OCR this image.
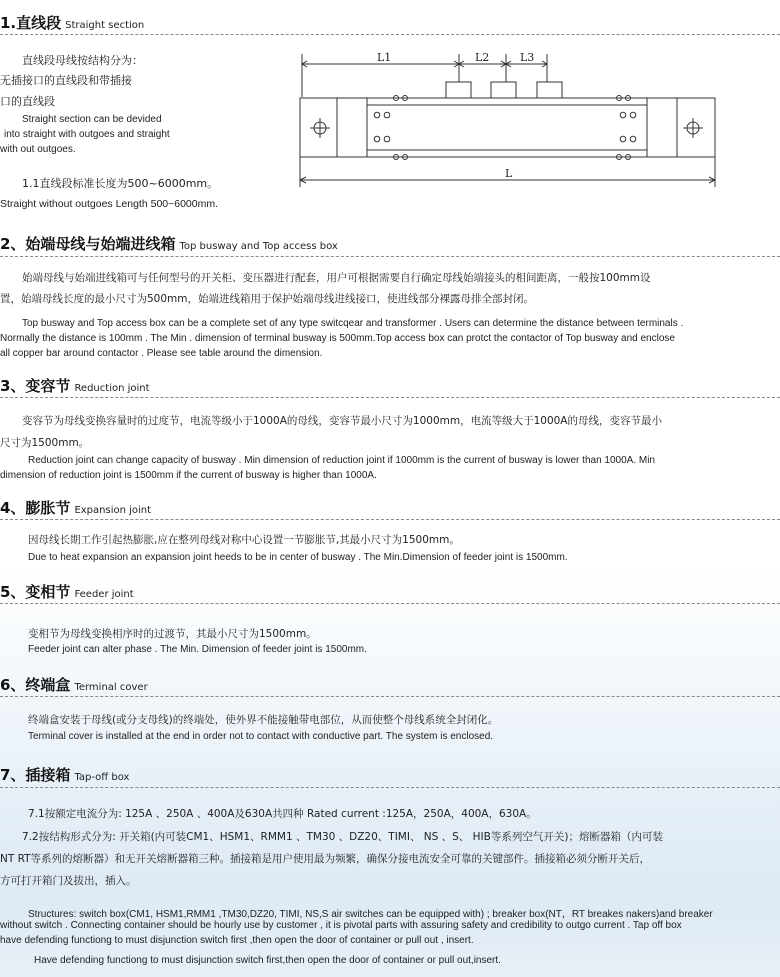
1.直线段 Straight section
直线段母线按结构分为：
无插接口的直线段和带插接
口的直线段
Straight section can be devided
into straight with outgoes and straight
with out outgoes.
1.1直线段标准长度为500~6000mm。
Straight without outgoes Length 500~6000mm.
L1	L2	L3
L
2、始端母线与始端进线箱 Top busway and Top access box
始端母线与始端进线箱可与任何型号的开关柜、变压器进行配套，用户可根据需要自行确定母线始端接头的相间距离，一般按100mm设
置，始端母线长度的最小尺寸为500mm，始端进线箱用于保护始端母线进线接口，使进线部分裸露母排全部封闭。
Top busway and Top access box can be a complete set of any type switcqear and transformer . Users can determine the distance between terminals .
Normally the distance is 100mm . The Min . dimension of terminal busway is 500mm.Top access box can protct the contactor of Top busway and enclose
all copper bar around contactor . Please see table around the dimension.
3、变容节 Reduction joint
变容节为母线变换容量时的过度节，电流等级小于1000A的母线，变容节最小尺寸为1000mm，电流等级大于1000A的母线，变容节最小
尺寸为1500mm。
Reduction joint can change capacity of busway . Min dimension of reduction joint if 1000mm is the current of busway is lower than 1000A. Min
dimension of reduction joint is 1500mm if the current of busway is higher than 1000A.
4、膨胀节 Expansion joint
因母线长期工作引起热膨胀,应在整列母线对称中心设置一节膨胀节,其最小尺寸为1500mm。
Due to heat expansion an expansion joint heeds to be in center of busway . The Min.Dimension of feeder joint is 1500mm.
5、变相节 Feeder joint
变相节为母线变换相序时的过渡节，其最小尺寸为1500mm。
Feeder joint can alter phase . The Min. Dimension of feeder joint is 1500mm.
6、终端盒 Terminal cover
终端盒安装于母线(或分支母线)的终端处，使外界不能接触带电部位，从而使整个母线系统全封闭化。
Terminal cover is installed at the end in order not to contact with conductive part. The system is enclosed.
7、插接箱 Tap-off box
7.1按额定电流分为: 125A 、250A 、400A及630A共四种 Rated current :125A，250A，400A，630A。
7.2按结构形式分为: 开关箱(内可装CM1、HSM1、RMM1 、TM30 、DZ20、TIMI、 NS 、S、 HIB等系列空气开关)；熔断器箱（内可装
NT RT等系列的熔断器）和无开关熔断器箱三种。插接箱是用户使用最为频繁，确保分接电流安全可靠的关键部件。插接箱必须分断开关后，
方可打开箱门及拔出，插入。
Structures: switch box(CM1, HSM1,RMM1 ,TM30,DZ20, TIMI, NS,S air switches can be equipped with) ; breaker box(NT，RT breakes nakers)and breaker
without switch . Connecting container should be hourly use by customer , it is pivotal parts with assuring safety and credibility to outgo current . Tap off box
have defending functiong to must disjunction switch first ,then open the door of container or pull out , insert.
Have defending functiong to must disjunction switch first,then open the door of container or pull out,insert.
